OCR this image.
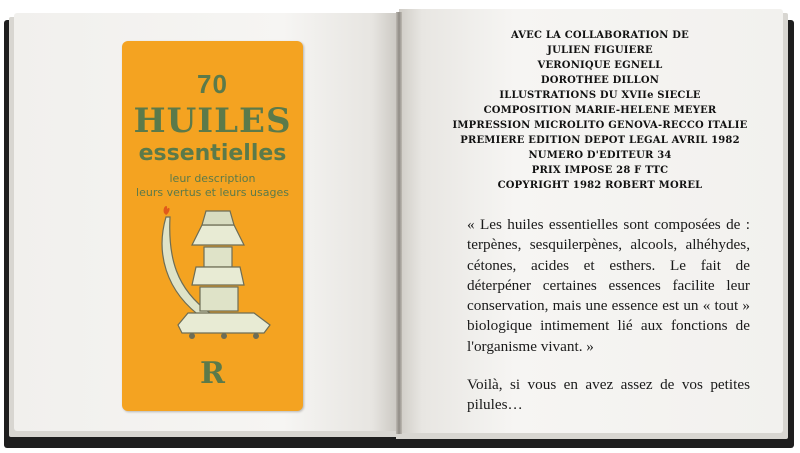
70

HUILES

essentielles

leur description

leurs vertus et leurs usages

R

AVEC LA COLLABORATION DE
JULIEN FIGUIERE
VERONIQUE EGNELL
DOROTHEE DILLON
ILLUSTRATIONS DU XVIIe SIECLE
COMPOSITION MARIE-HELENE MEYER
IMPRESSION MICROLITO GENOVA-RECCO ITALIE
PREMIERE EDITION DEPOT LEGAL AVRIL 1982
NUMERO D'EDITEUR 34
PRIX IMPOSE 28 F TTC
COPYRIGHT 1982 ROBERT MOREL

« Les huiles essentielles sont composées de : terpènes, sesquilerpènes, alcools, alhéhydes, cétones, acides et esthers. Le fait de déterpéner certaines essences facilite leur conservation, mais une essence est un « tout » biologique intimement lié aux fonctions de l'organisme vivant. »

Voilà, si vous en avez assez de vos petites pilules…
